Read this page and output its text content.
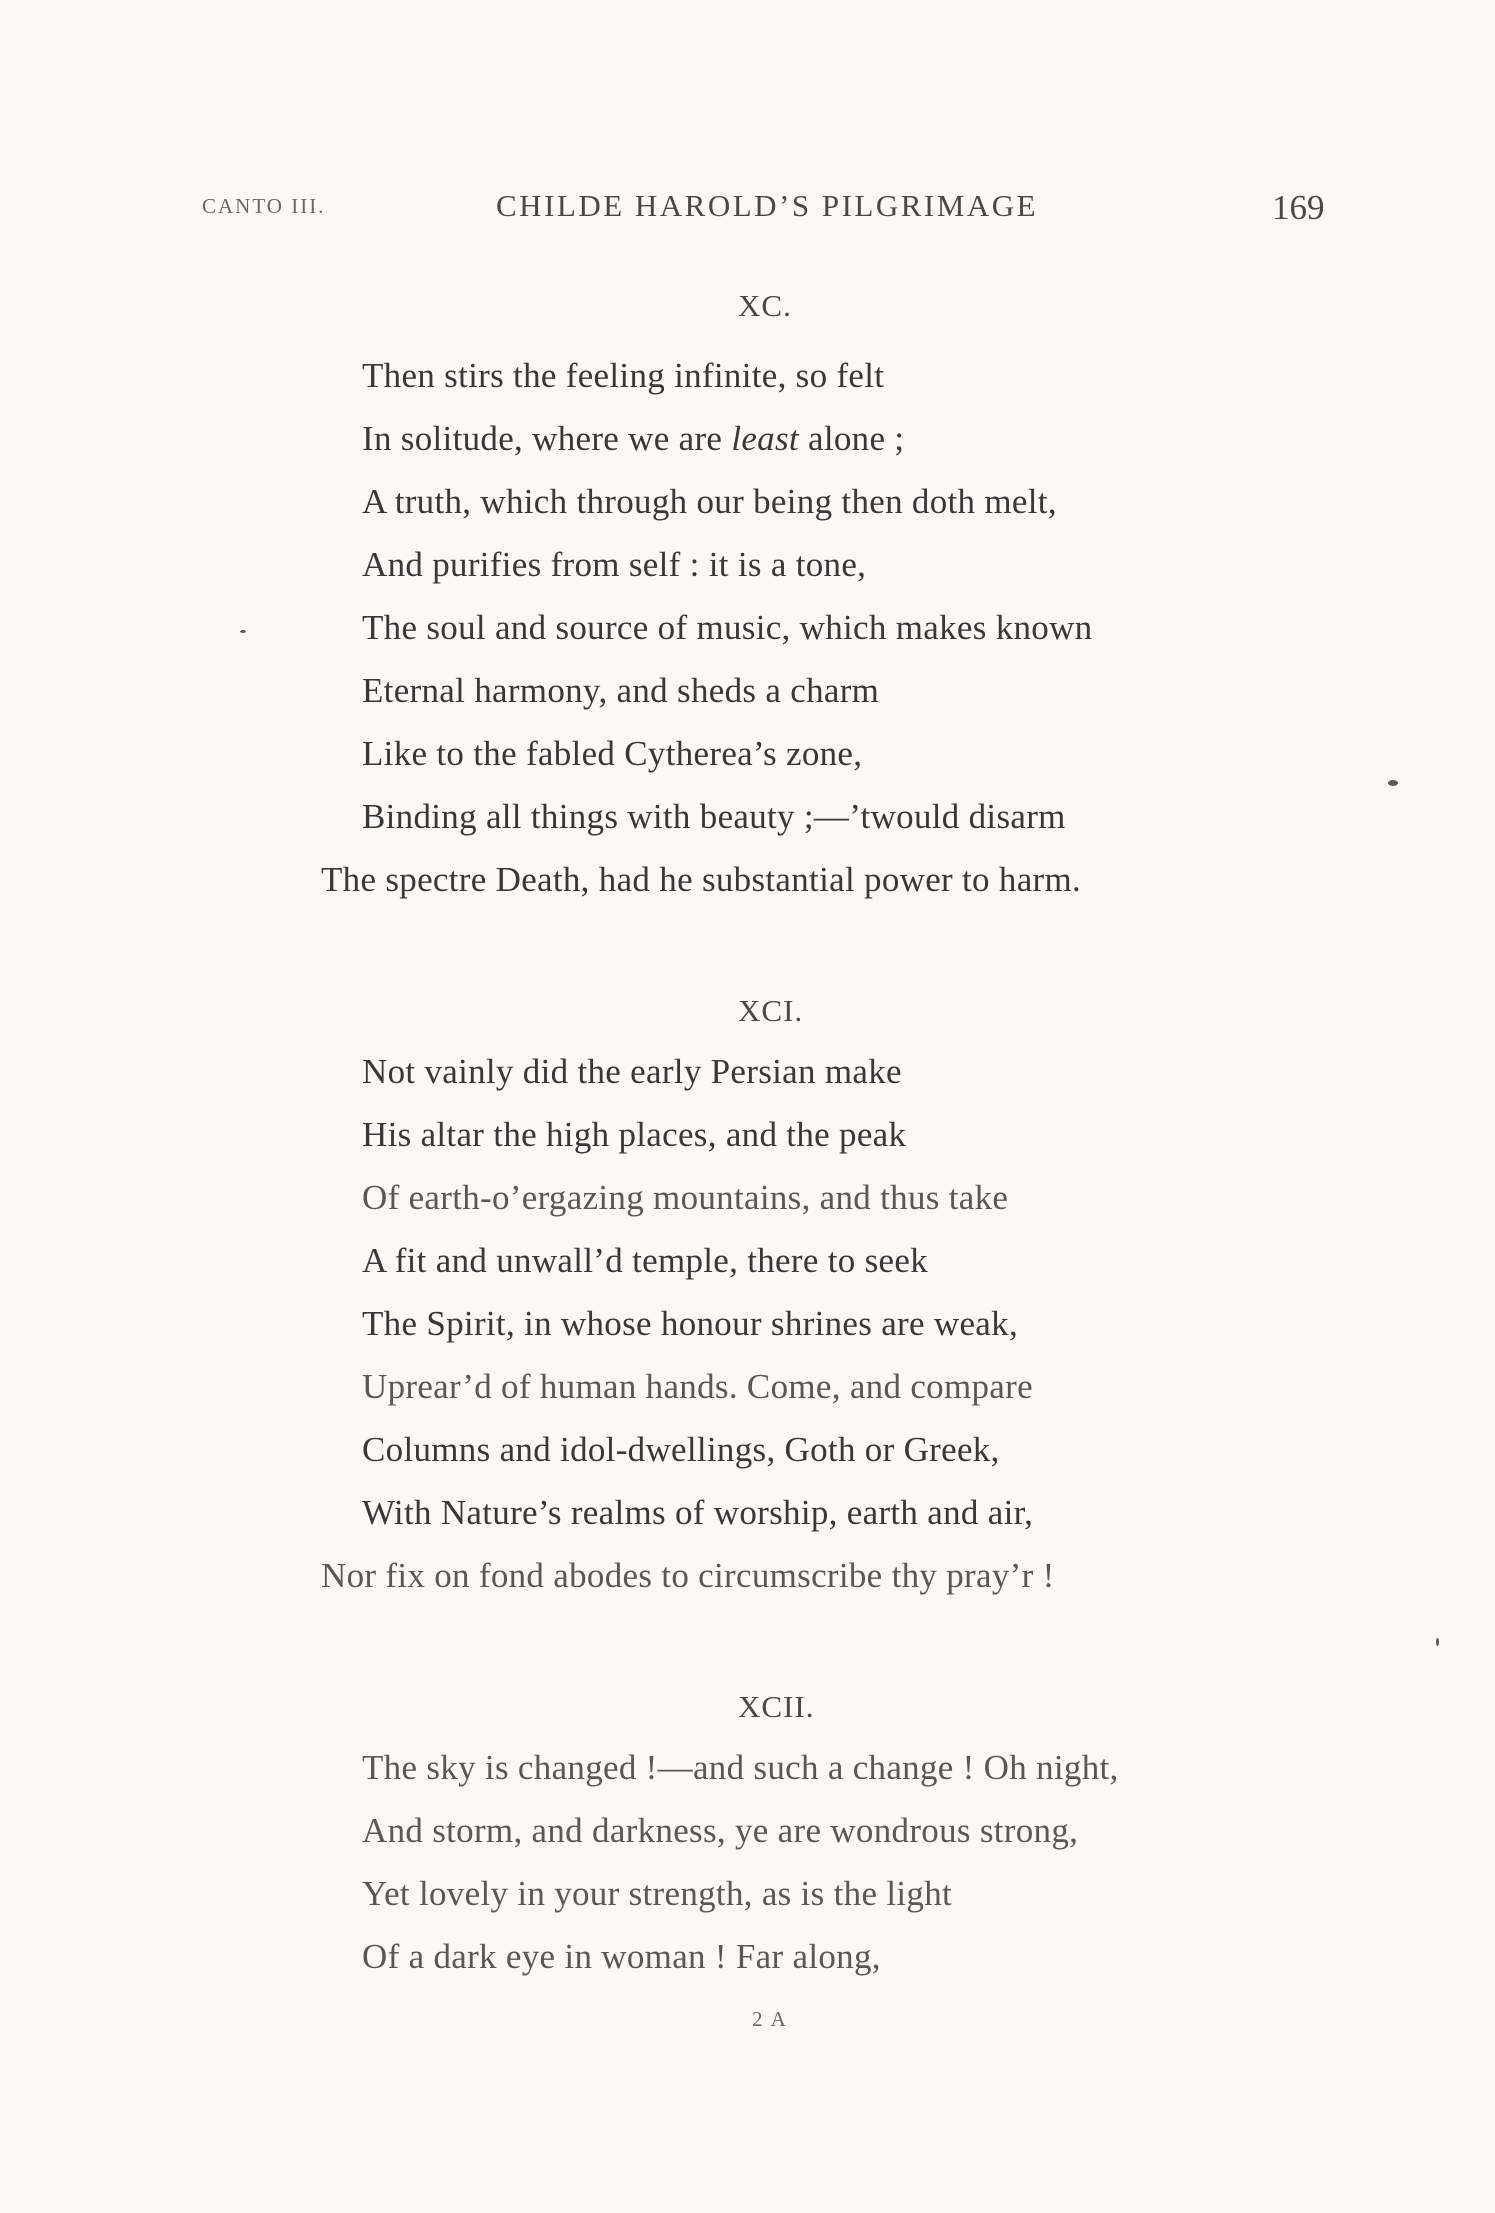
CANTO III.	CHILDE HAROLD’S PILGRIMAGE	169
XC.
Then stirs the feeling infinite, so felt
In solitude, where we are least alone ;
A truth, which through our being then doth melt,
And purifies from self : it is a tone,
The soul and source of music, which makes known
Eternal harmony, and sheds a charm
Like to the fabled Cytherea’s zone,
Binding all things with beauty ;—’twould disarm
The spectre Death, had he substantial power to harm.
XCI.
Not vainly did the early Persian make
His altar the high places, and the peak
Of earth-o’ergazing mountains, and thus take
A fit and unwall’d temple, there to seek
The Spirit, in whose honour shrines are weak,
Uprear’d of human hands. Come, and compare
Columns and idol-dwellings, Goth or Greek,
With Nature’s realms of worship, earth and air,
Nor fix on fond abodes to circumscribe thy pray’r !
XCII.
The sky is changed !—and such a change ! Oh night,
And storm, and darkness, ye are wondrous strong,
Yet lovely in your strength, as is the light
Of a dark eye in woman ! Far along,
2 A
